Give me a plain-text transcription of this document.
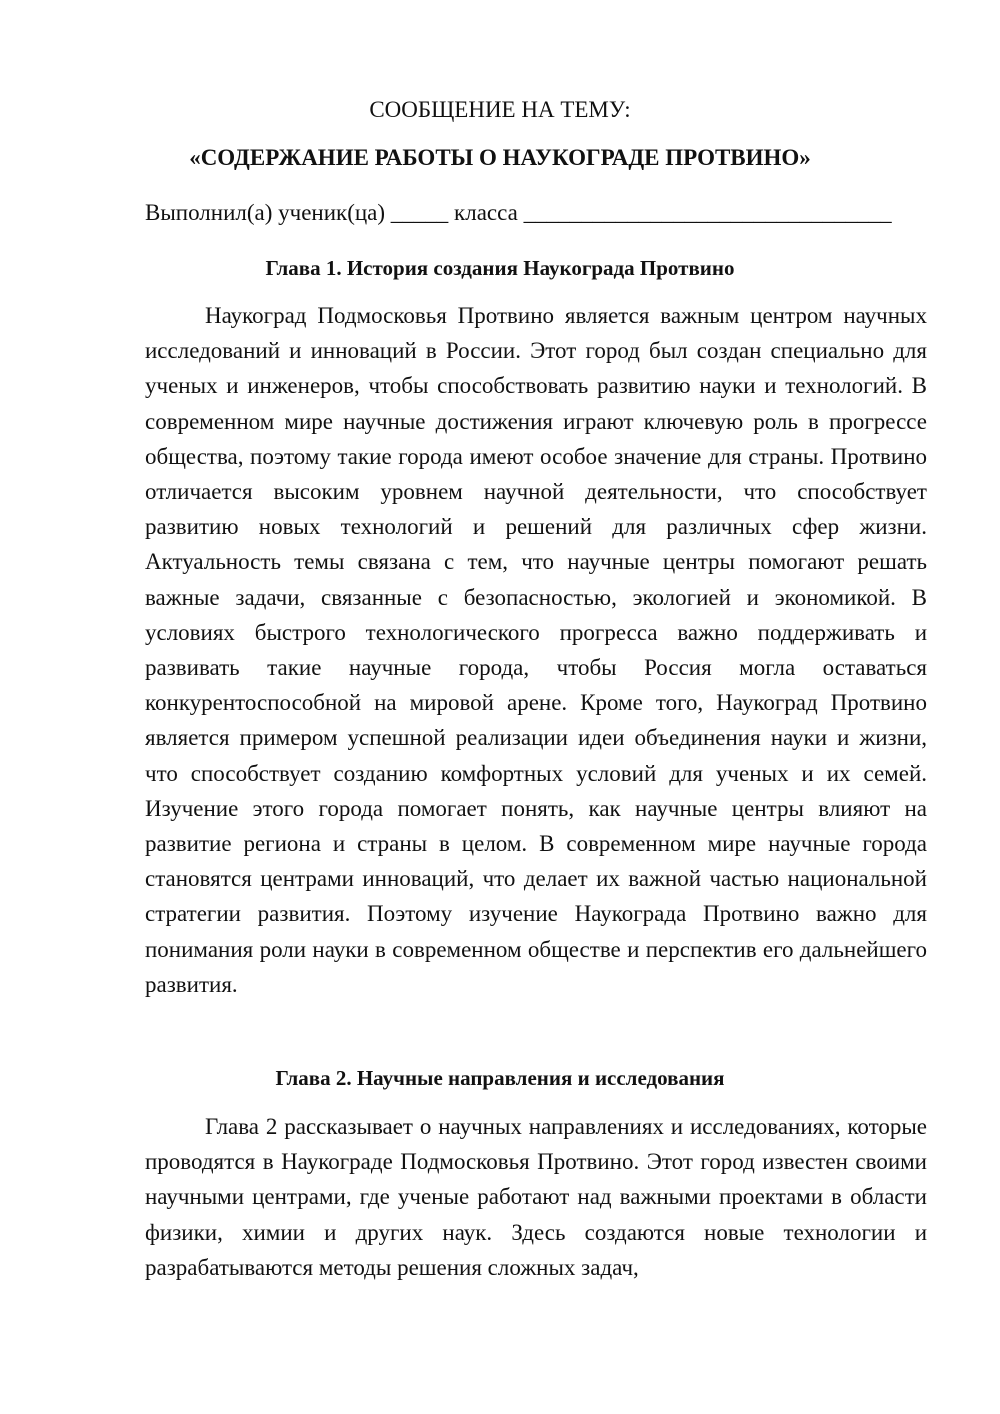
СООБЩЕНИЕ НА ТЕМУ:
«СОДЕРЖАНИЕ РАБОТЫ О НАУКОГРАДЕ ПРОТВИНО»
Выполнил(а) ученик(ца) _____ класса ________________________________
Глава 1. История создания Наукограда Протвино

Наукоград Подмосковья Протвино является важным центром научных исследований и инноваций в России. Этот город был создан специально для ученых и инженеров, чтобы способствовать развитию науки и технологий. В современном мире научные достижения играют ключевую роль в прогрессе общества, поэтому такие города имеют особое значение для страны. Протвино отличается высоким уровнем научной деятельности, что способствует развитию новых технологий и решений для различных сфер жизни. Актуальность темы связана с тем, что научные центры помогают решать важные задачи, связанные с безопасностью, экологией и экономикой. В условиях быстрого технологического прогресса важно поддерживать и развивать такие научные города, чтобы Россия могла оставаться конкурентоспособной на мировой арене. Кроме того, Наукоград Протвино является примером успешной реализации идеи объединения науки и жизни, что способствует созданию комфортных условий для ученых и их семей. Изучение этого города помогает понять, как научные центры влияют на развитие региона и страны в целом. В современном мире научные города становятся центрами инноваций, что делает их важной частью национальной стратегии развития. Поэтому изучение Наукограда Протвино важно для понимания роли науки в современном обществе и перспектив его дальнейшего развития.

Глава 2. Научные направления и исследования

Глава 2 рассказывает о научных направлениях и исследованиях, которые проводятся в Наукограде Подмосковья Протвино. Этот город известен своими научными центрами, где ученые работают над важными проектами в области физики, химии и других наук. Здесь создаются новые технологии и разрабатываются методы решения сложных задач,
